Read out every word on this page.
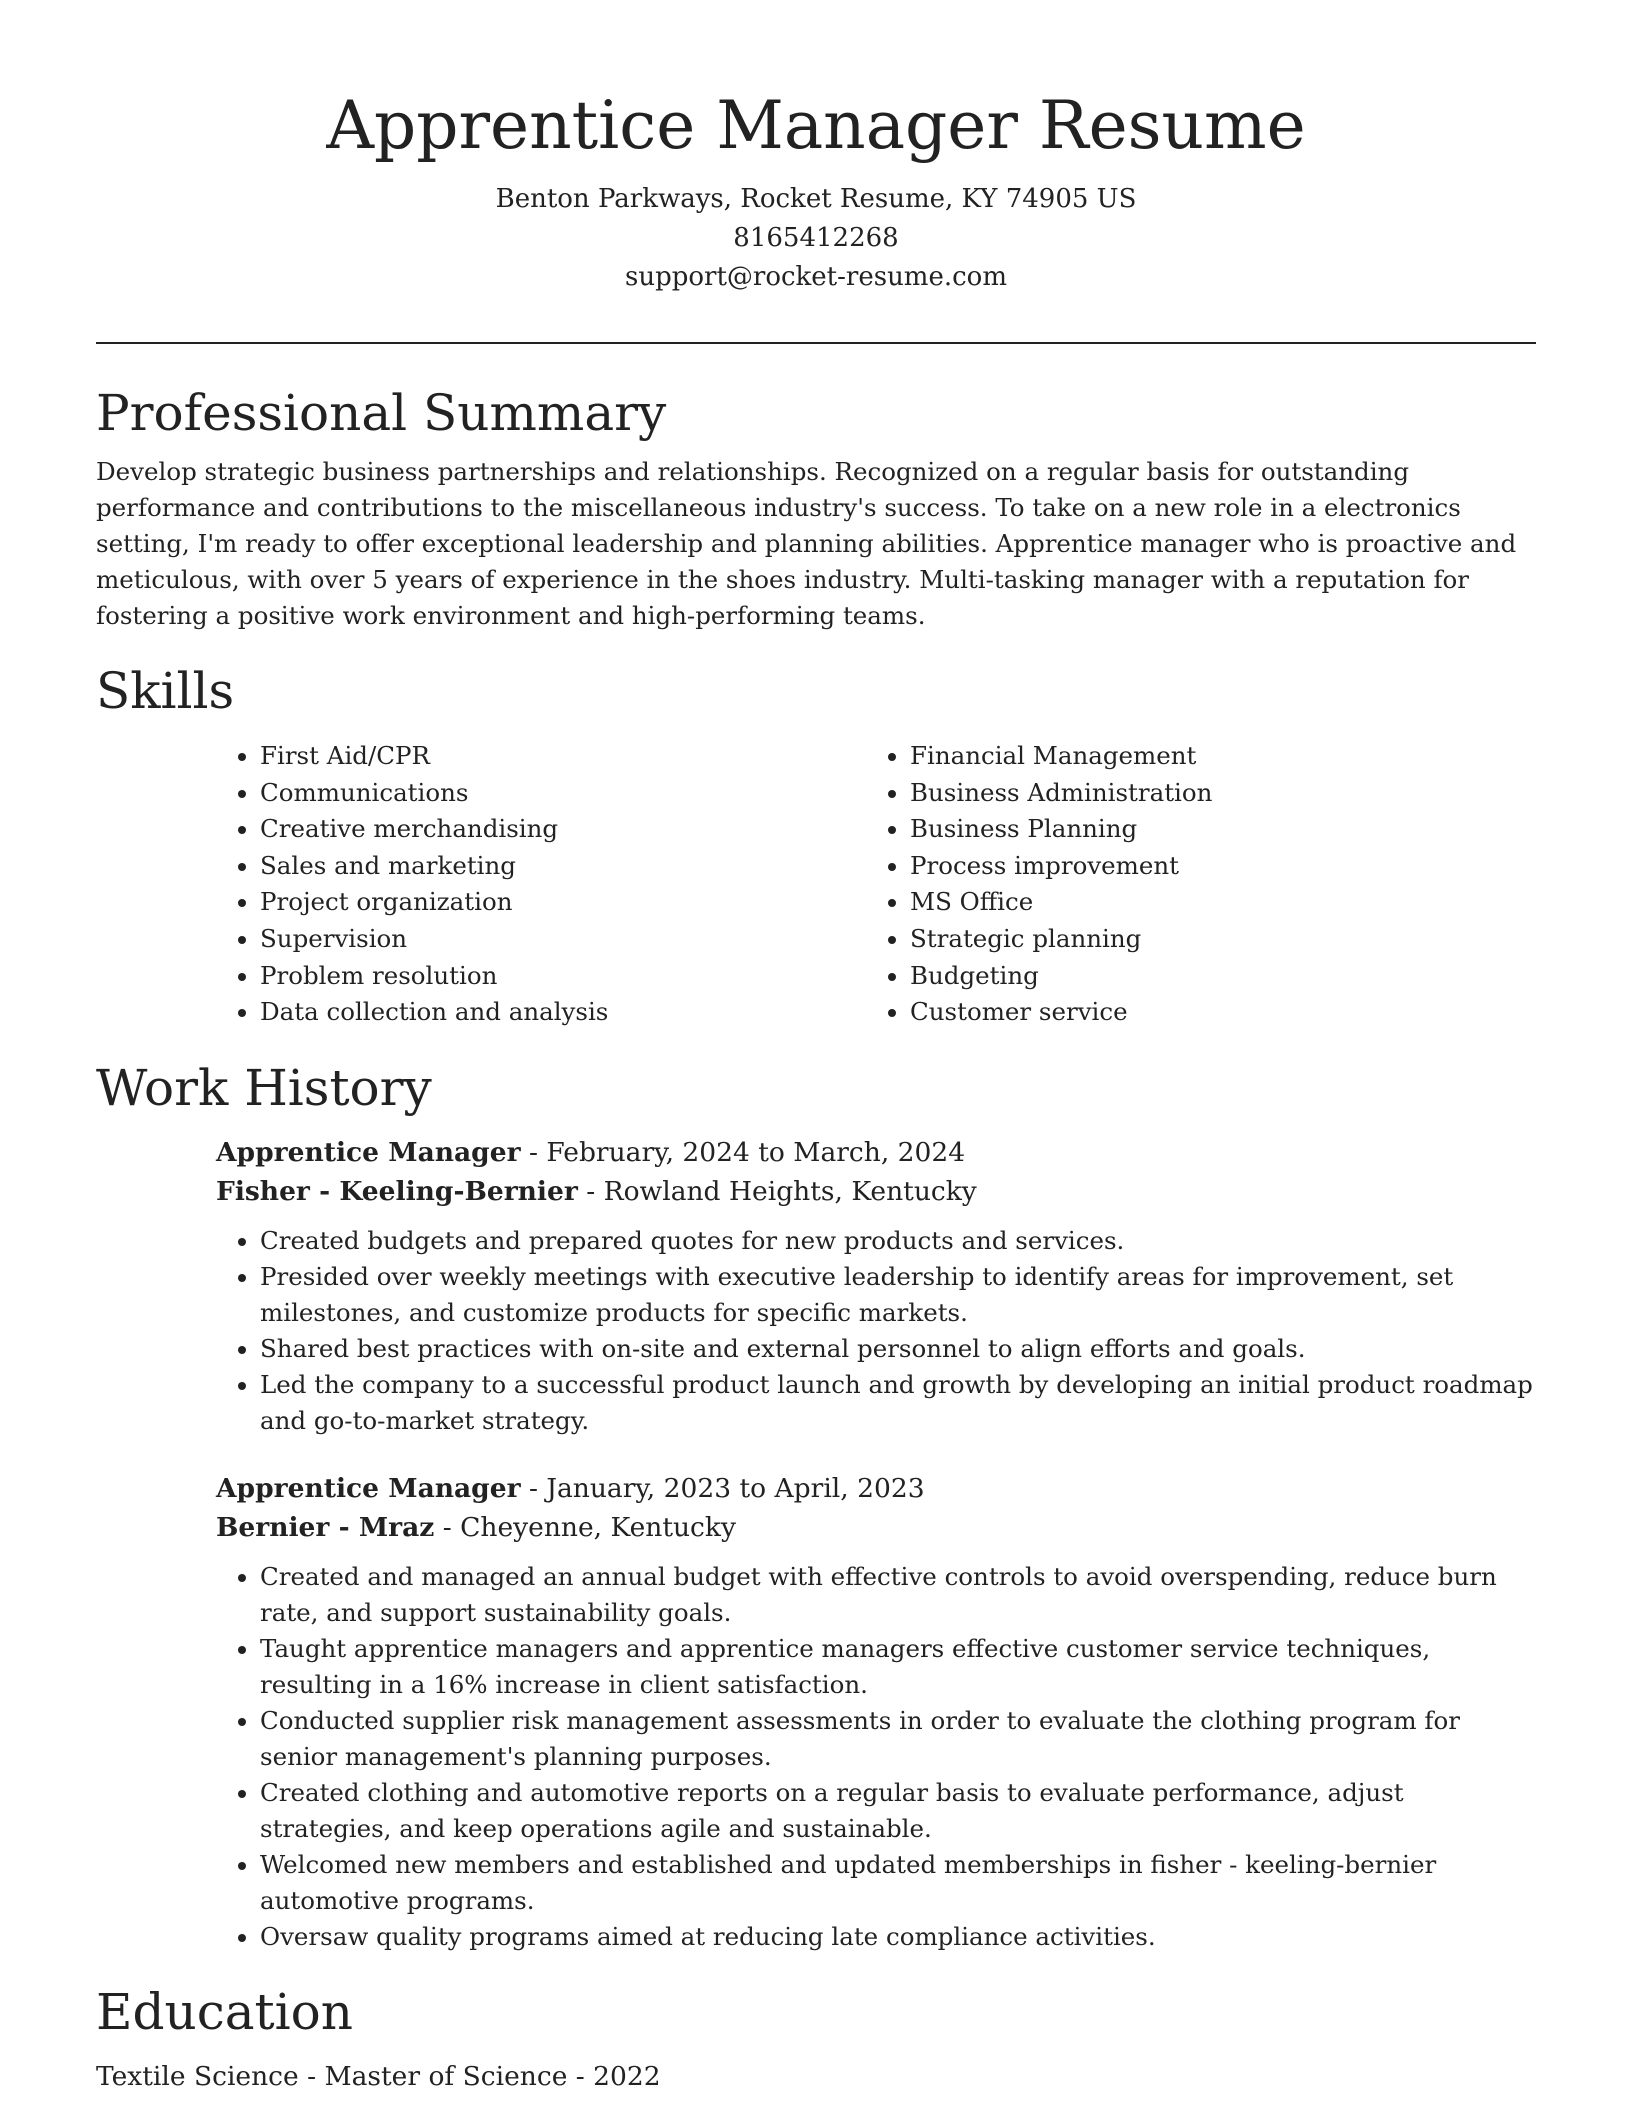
Apprentice Manager Resume

Benton Parkways, Rocket Resume, KY 74905 US

8165412268

support@rocket-resume.com

Professional Summary

Develop strategic business partnerships and relationships. Recognized on a regular basis for outstanding performance and contributions to the miscellaneous industry's success. To take on a new role in a electronics setting, I'm ready to offer exceptional leadership and planning abilities. Apprentice manager who is proactive and meticulous, with over 5 years of experience in the shoes industry. Multi-tasking manager with a reputation for fostering a positive work environment and high-performing teams.

Skills
• First Aid/CPR
• Communications
• Creative merchandising
• Sales and marketing
• Project organization
• Supervision
• Problem resolution
• Data collection and analysis
• Financial Management
• Business Administration
• Business Planning
• Process improvement
• MS Office
• Strategic planning
• Budgeting
• Customer service
Work History

Apprentice Manager - February, 2024 to March, 2024

Fisher - Keeling-Bernier - Rowland Heights, Kentucky

• Created budgets and prepared quotes for new products and services.
• Presided over weekly meetings with executive leadership to identify areas for improvement, set milestones, and customize products for specific markets.
• Shared best practices with on-site and external personnel to align efforts and goals.
• Led the company to a successful product launch and growth by developing an initial product roadmap and go-to-market strategy.

Apprentice Manager - January, 2023 to April, 2023

Bernier - Mraz - Cheyenne, Kentucky

• Created and managed an annual budget with effective controls to avoid overspending, reduce burn rate, and support sustainability goals.
• Taught apprentice managers and apprentice managers effective customer service techniques, resulting in a 16% increase in client satisfaction.
• Conducted supplier risk management assessments in order to evaluate the clothing program for senior management's planning purposes.
• Created clothing and automotive reports on a regular basis to evaluate performance, adjust strategies, and keep operations agile and sustainable.
• Welcomed new members and established and updated memberships in fisher - keeling-bernier automotive programs.
• Oversaw quality programs aimed at reducing late compliance activities.
Education

Textile Science - Master of Science - 2022
